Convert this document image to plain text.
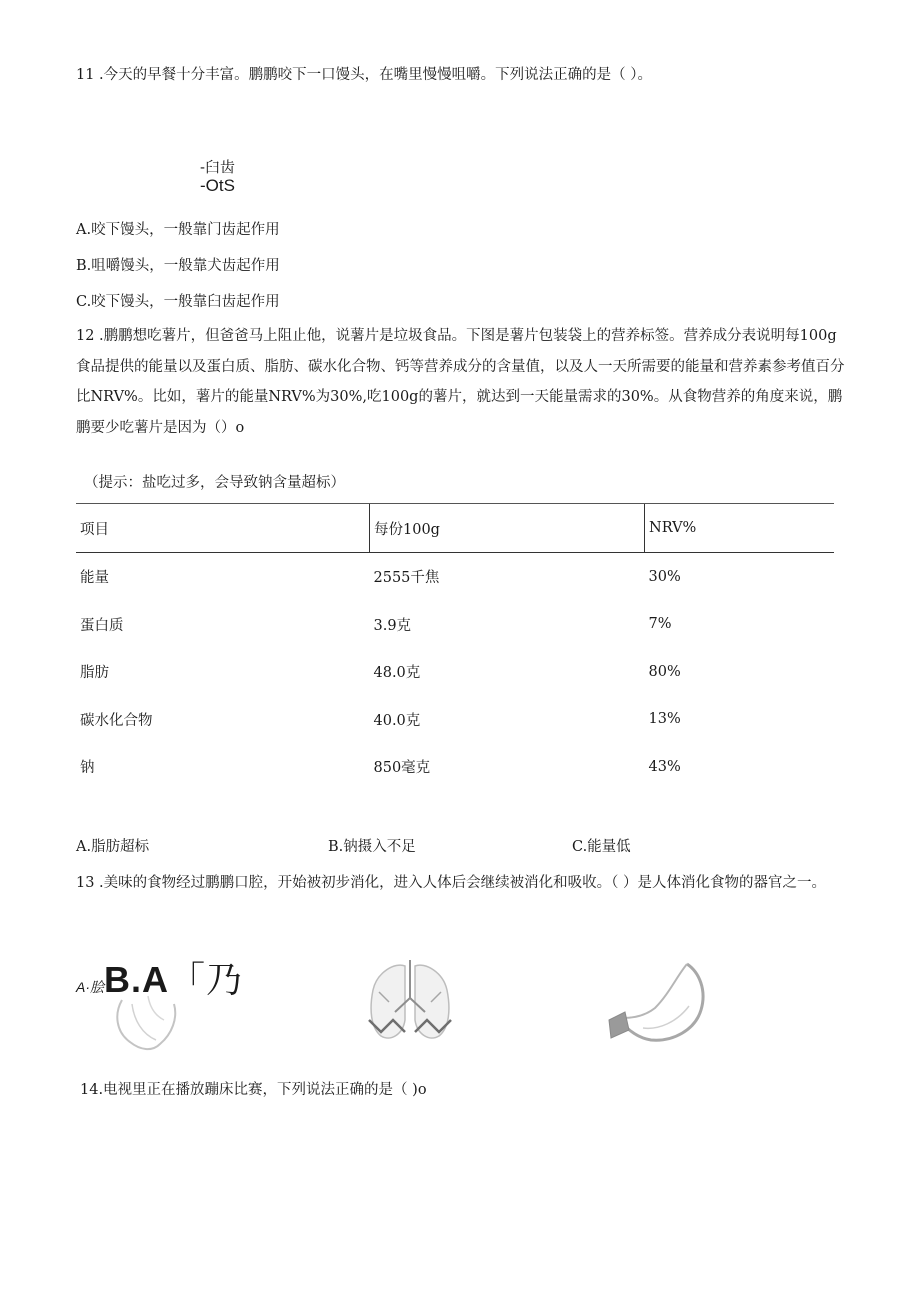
11 .今天的早餐十分丰富。鹏鹏咬下一口馒头，在嘴里慢慢咀嚼。下列说法正确的是（ ）。
-臼齿
-OtS
A.咬下馒头，一般靠门齿起作用
B.咀嚼馒头，一般靠犬齿起作用
C.咬下馒头，一般靠臼齿起作用
12 .鹏鹏想吃薯片，但爸爸马上阻止他，说薯片是垃圾食品。下图是薯片包装袋上的营养标签。营养成分表说明每100g食品提供的能量以及蛋白质、脂肪、碳水化合物、钙等营养成分的含量值，以及人一天所需要的能量和营养素参考值百分比NRV%。比如，薯片的能量NRV%为30%,吃100g的薯片，就达到一天能量需求的30%。从食物营养的角度来说，鹏鹏要少吃薯片是因为（）o
（提示：盐吃过多，会导致钠含量超标）
项目	每份100g	NRV%
能量	2555千焦	30%
蛋白质	3.9克	7%
脂肪	48.0克	80%
碳水化合物	40.0克	13%
钠	850毫克	43%
A.脂肪超标	B.钠摄入不足	C.能量低
13 .美味的食物经过鹏鹏口腔，开始被初步消化，进入人体后会继续被消化和吸收。（ ）是人体消化食物的器官之一。
A·脍B.A「乃
14.电视里正在播放蹦床比赛，下列说法正确的是（ )o
